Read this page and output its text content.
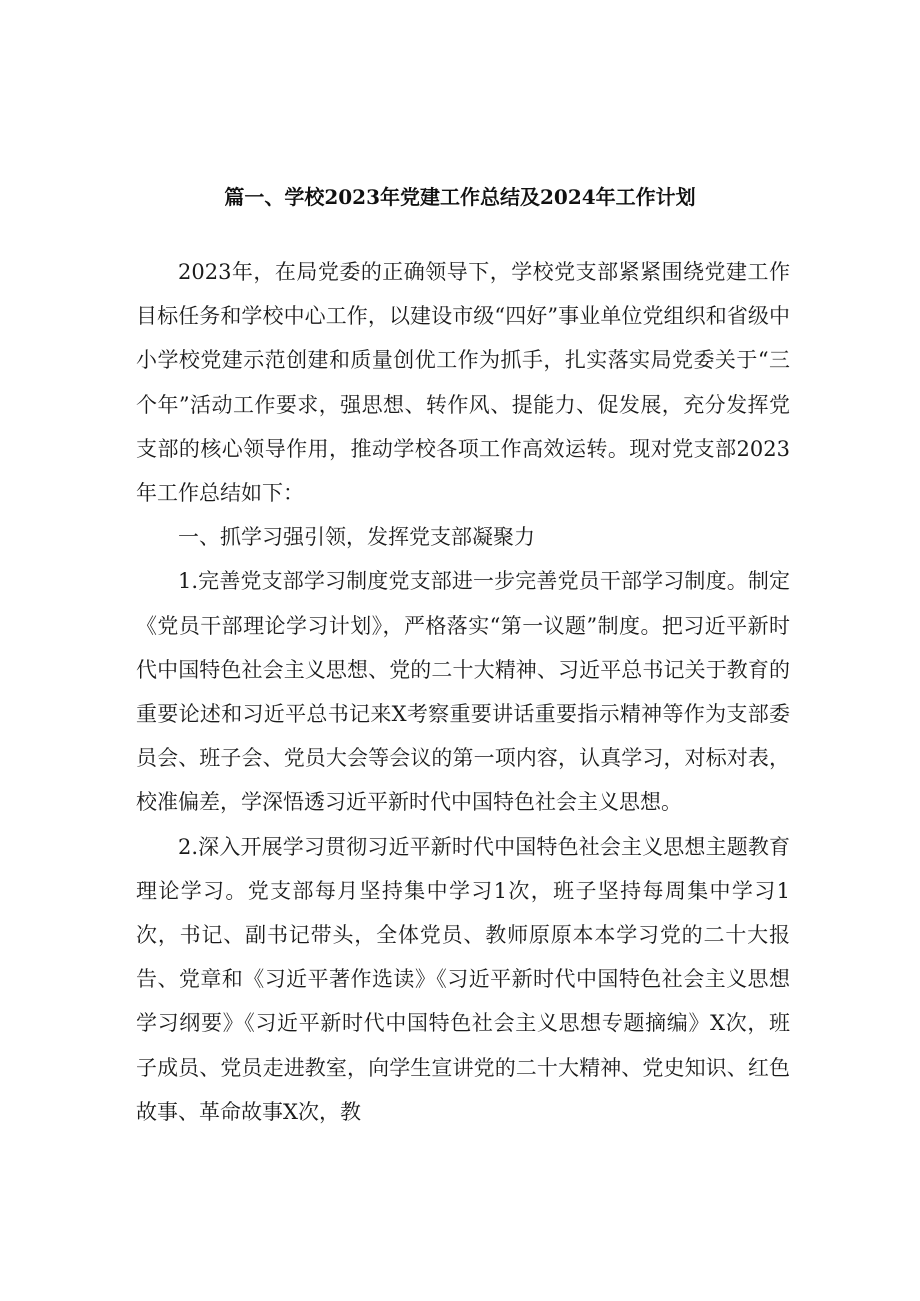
篇一、学校2023年党建工作总结及2024年工作计划

2023年，在局党委的正确领导下，学校党支部紧紧围绕党建工作目标任务和学校中心工作，以建设市级“四好”事业单位党组织和省级中小学校党建示范创建和质量创优工作为抓手，扎实落实局党委关于“三个年”活动工作要求，强思想、转作风、提能力、促发展，充分发挥党支部的核心领导作用，推动学校各项工作高效运转。现对党支部2023年工作总结如下：

一、抓学习强引领，发挥党支部凝聚力

1.完善党支部学习制度党支部进一步完善党员干部学习制度。制定《党员干部理论学习计划》，严格落实“第一议题”制度。把习近平新时代中国特色社会主义思想、党的二十大精神、习近平总书记关于教育的重要论述和习近平总书记来X考察重要讲话重要指示精神等作为支部委员会、班子会、党员大会等会议的第一项内容，认真学习，对标对表，校准偏差，学深悟透习近平新时代中国特色社会主义思想。

2.深入开展学习贯彻习近平新时代中国特色社会主义思想主题教育理论学习。党支部每月坚持集中学习1次，班子坚持每周集中学习1次，书记、副书记带头，全体党员、教师原原本本学习党的二十大报告、党章和《习近平著作选读》《习近平新时代中国特色社会主义思想学习纲要》《习近平新时代中国特色社会主义思想专题摘编》X次，班子成员、党员走进教室，向学生宣讲党的二十大精神、党史知识、红色故事、革命故事X次，教
